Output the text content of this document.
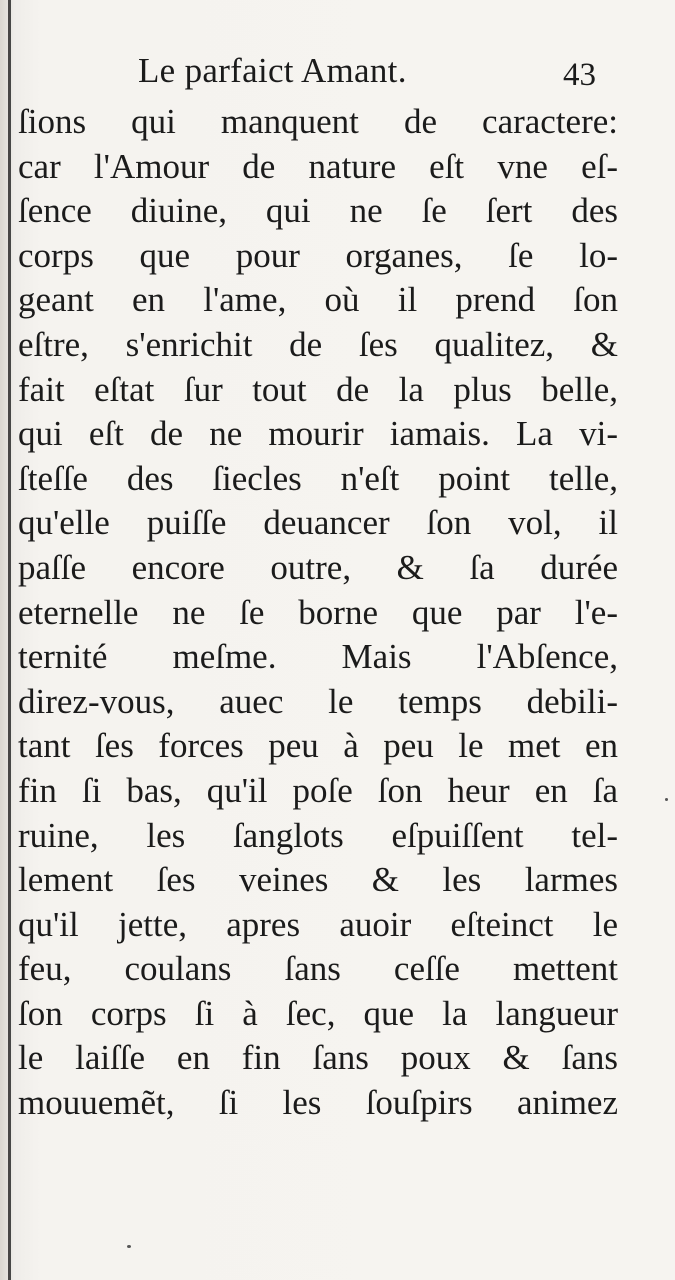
Le parfaict Amant.	43
ſions qui manquent de caractere:
car l'Amour de nature eſt vne eſ-
ſence diuine, qui ne ſe ſert des
corps que pour organes, ſe lo-
geant en l'ame, où il prend ſon
eſtre, s'enrichit de ſes qualitez, &
fait eſtat ſur tout de la plus belle,
qui eſt de ne mourir iamais. La vi-
ſteſſe des ſiecles n'eſt point telle,
qu'elle puiſſe deuancer ſon vol, il
paſſe encore outre, & ſa durée
eternelle ne ſe borne que par l'e-
ternité meſme. Mais l'Abſence,
direz-vous, auec le temps debili-
tant ſes forces peu à peu le met en
fin ſi bas, qu'il poſe ſon heur en ſa
ruine, les ſanglots eſpuiſſent tel-
lement ſes veines & les larmes
qu'il jette, apres auoir eſteinct le
feu, coulans ſans ceſſe mettent
ſon corps ſi à ſec, que la langueur
le laiſſe en fin ſans poux & ſans
mouuemẽt, ſi les ſouſpirs animez
